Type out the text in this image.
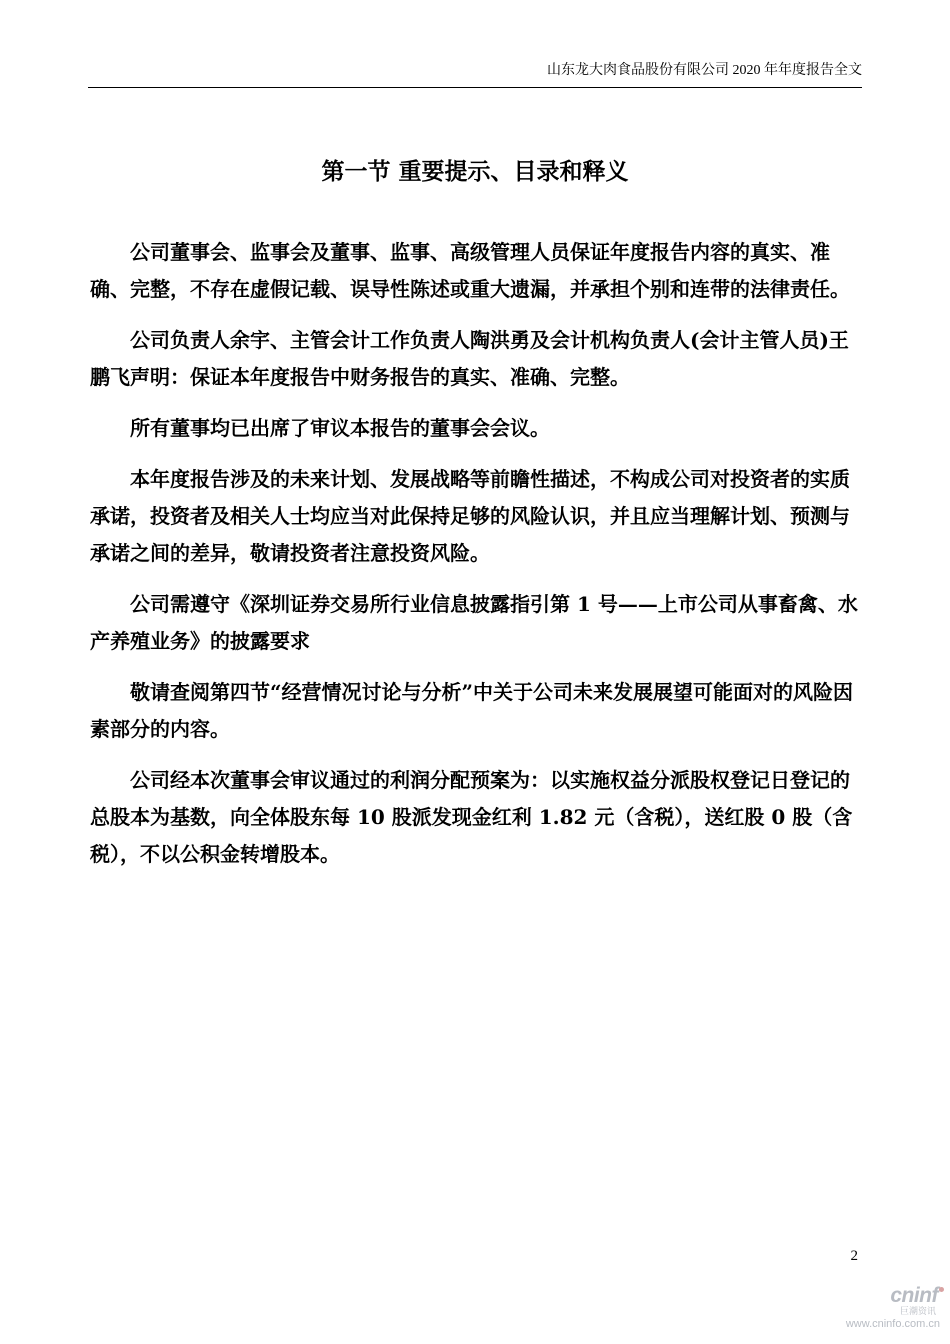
山东龙大肉食品股份有限公司 2020 年年度报告全文
第一节 重要提示、目录和释义

公司董事会、监事会及董事、监事、高级管理人员保证年度报告内容的真实、准确、完整，不存在虚假记载、误导性陈述或重大遗漏，并承担个别和连带的法律责任。

公司负责人余宇、主管会计工作负责人陶洪勇及会计机构负责人(会计主管人员)王鹏飞声明：保证本年度报告中财务报告的真实、准确、完整。

所有董事均已出席了审议本报告的董事会会议。

本年度报告涉及的未来计划、发展战略等前瞻性描述，不构成公司对投资者的实质承诺，投资者及相关人士均应当对此保持足够的风险认识，并且应当理解计划、预测与承诺之间的差异，敬请投资者注意投资风险。

公司需遵守《深圳证券交易所行业信息披露指引第 1 号——上市公司从事畜禽、水产养殖业务》的披露要求

敬请查阅第四节“经营情况讨论与分析”中关于公司未来发展展望可能面对的风险因素部分的内容。

公司经本次董事会审议通过的利润分配预案为：以实施权益分派股权登记日登记的总股本为基数，向全体股东每 10 股派发现金红利 1.82 元（含税），送红股 0 股（含税），不以公积金转增股本。

2
cninf
巨潮资讯
www.cninfo.com.cn
